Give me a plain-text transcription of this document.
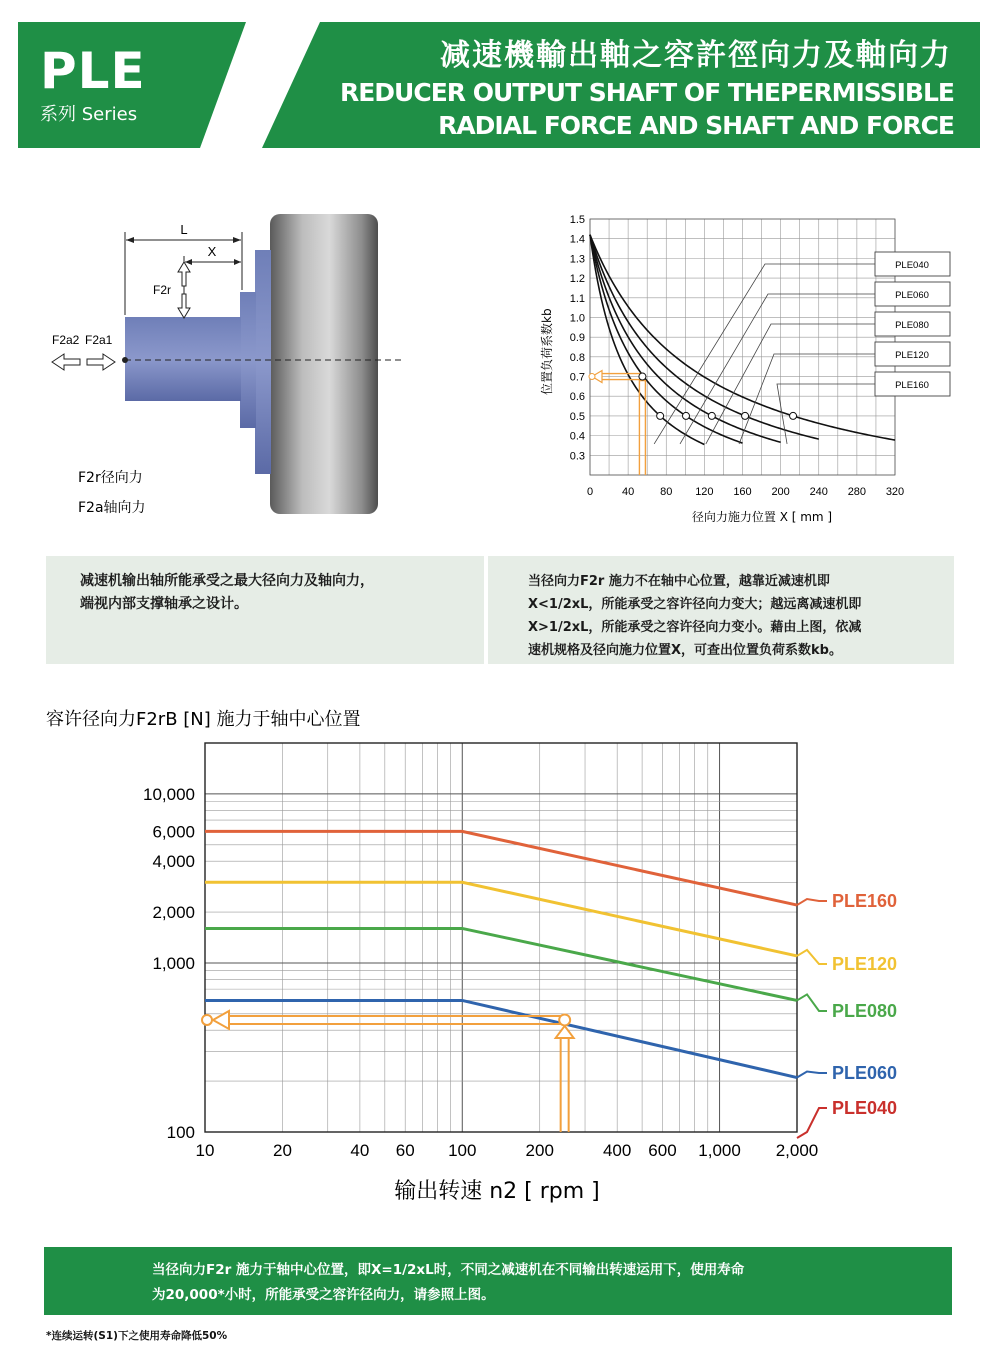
PLE
系列 Series
减速機輸出軸之容許徑向力及軸向力
REDUCER OUTPUT SHAFT OF THEPERMISSIBLE
RADIAL FORCE AND SHAFT AND FORCE
L
X
F2r
F2a2 F2a1
F2r径向力
F2a轴向力
1.5
1.4
1.3
1.2
1.1
1.0
0.9
0.8
0.7
0.6
0.5
0.4
0.3
0	40 80 120 160 200 240 280 320
PLE040
PLE060
PLE080
PLE120
PLE160
位置负荷系数kb
径向力施力位置 X [ mm ]
减速机输出轴所能承受之最大径向力及轴向力，
端视内部支撑轴承之设计。
当径向力F2r 施力不在轴中心位置，越靠近减速机即
X<1/2xL，所能承受之容许径向力变大；越远离减速机即
X>1/2xL，所能承受之容许径向力变小。藉由上图，依减
速机规格及径向施力位置X，可查出位置负荷系数kb。
容许径向力F2rB [N] 施力于轴中心位置
10	20	40 60 100	200	400 600 1,000 2,000
100
1,000
2,000
4,000
6,000
10,000
PLE160
PLE120
PLE080
PLE060
PLE040
输出转速 n2 [ rpm ]
当径向力F2r 施力于轴中心位置，即X=1/2xL时，不同之减速机在不同输出转速运用下，使用寿命
为20,000*小时，所能承受之容许径向力，请参照上图。
*连续运转(S1)下之使用寿命降低50%
